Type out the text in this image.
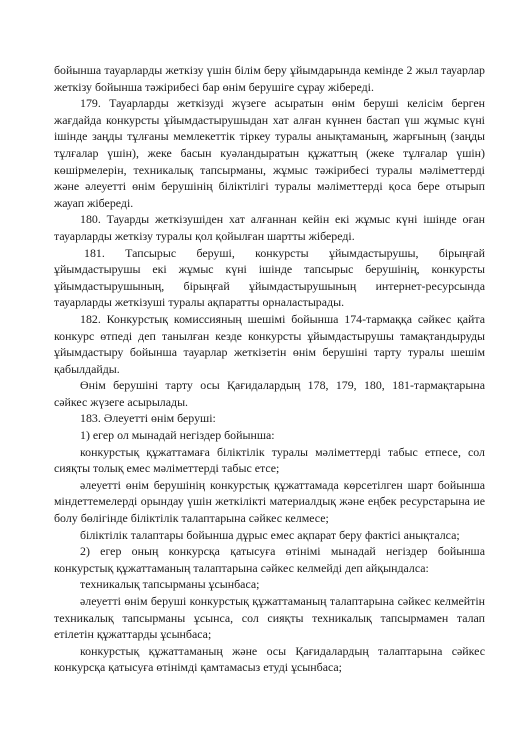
бойынша тауарларды жеткізу үшін білім беру ұйымдарында кемінде 2 жыл тауарлар жеткізу бойынша тәжірибесі бар өнім берушіге сұрау жібереді.

179. Тауарларды жеткізуді жүзеге асыратын өнім беруші келісім берген жағдайда конкурсты ұйымдастырушыдан хат алған күннен бастап үш жұмыс күні ішінде заңды тұлғаны мемлекеттік тіркеу туралы анықтаманың, жарғының (заңды тұлғалар үшін), жеке басын куәландыратын құжаттың (жеке тұлғалар үшін) көшірмелерін, техникалық тапсырманы, жұмыс тәжірибесі туралы мәліметтерді және әлеуетті өнім берушінің біліктілігі туралы мәліметтерді қоса бере отырып жауап жібереді.

180. Тауарды жеткізушіден хат алғаннан кейін екі жұмыс күні ішінде оған тауарларды жеткізу туралы қол қойылған шартты жібереді.

181. Тапсырыс беруші, конкурсты ұйымдастырушы, бірыңғай ұйымдастырушы екі жұмыс күні ішінде тапсырыс берушінің, конкурсты ұйымдастырушының, бірыңғай ұйымдастырушының интернет-ресурсында тауарларды жеткізуші туралы ақпаратты орналастырады.

182. Конкурстық комиссияның шешімі бойынша 174-тармаққа сәйкес қайта конкурс өтпеді деп танылған кезде конкурсты ұйымдастырушы тамақтандыруды ұйымдастыру бойынша тауарлар жеткізетін өнім берушіні тарту туралы шешім қабылдайды.

Өнім берушіні тарту осы Қағидалардың 178, 179, 180, 181-тармақтарына сәйкес жүзеге асырылады.

183. Әлеуетті өнім беруші:

1) егер ол мынадай негіздер бойынша:

конкурстық құжаттамаға біліктілік туралы мәліметтерді табыс етпесе, сол сияқты толық емес мәліметтерді табыс етсе;

әлеуетті өнім берушінің конкурстық құжаттамада көрсетілген шарт бойынша міндеттемелерді орындау үшін жеткілікті материалдық және еңбек ресурстарына ие болу бөлігінде біліктілік талаптарына сәйкес келмесе;

біліктілік талаптары бойынша дұрыс емес ақпарат беру фактісі анықталса;

2) егер оның конкурсқа қатысуға өтінімі мынадай негіздер бойынша конкурстық құжаттаманың талаптарына сәйкес келмейді деп айқындалса:

техникалық тапсырманы ұсынбаса;

әлеуетті өнім беруші конкурстық құжаттаманың талаптарына сәйкес келмейтін техникалық тапсырманы ұсынса, сол сияқты техникалық тапсырмамен талап етілетін құжаттарды ұсынбаса;

конкурстық құжаттаманың және осы Қағидалардың талаптарына сәйкес конкурсқа қатысуға өтінімді қамтамасыз етуді ұсынбаса;
